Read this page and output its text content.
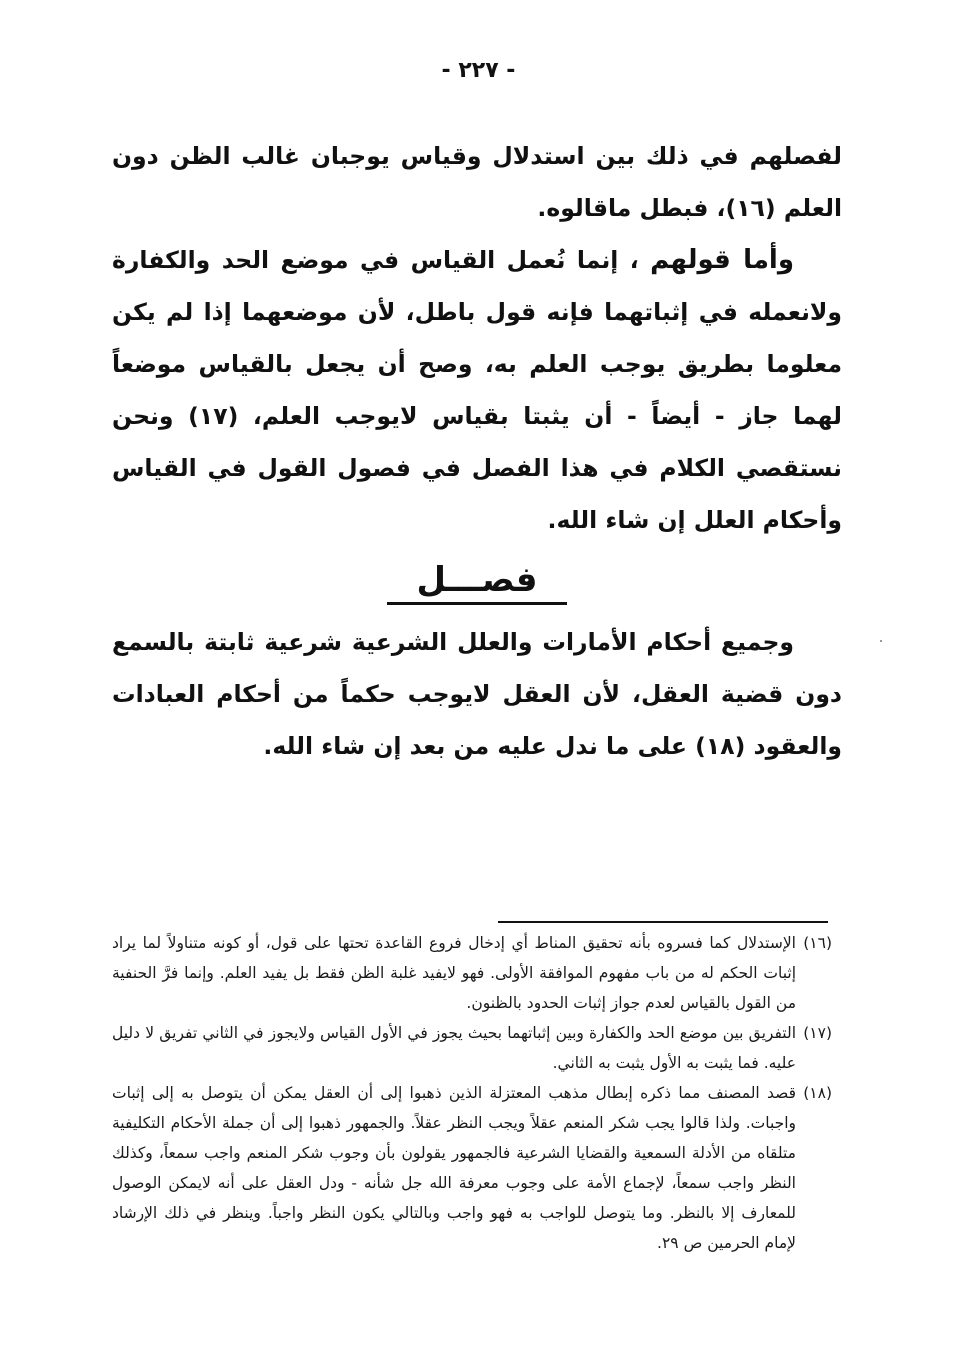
- ٢٢٧ -

لفصلهم في ذلك بين استدلال وقياس يوجبان غالب الظن دون العلم (١٦)، فبطل ماقالوه.

وأما قولهم ، إنما نُعمل القياس في موضع الحد والكفارة ولانعمله في إثباتهما فإنه قول باطل، لأن موضعهما إذا لم يكن معلوما بطريق يوجب العلم به، وصح أن يجعل بالقياس موضعاً لهما جاز - أيضاً - أن يثبتا بقياس لايوجب العلم، (١٧) ونحن نستقصي الكلام في هذا الفصل في فصول القول في القياس وأحكام العلل إن شاء الله.

فصـــل

وجميع أحكام الأمارات والعلل الشرعية شرعية ثابتة بالسمع دون قضية العقل، لأن العقل لايوجب حكماً من أحكام العبادات والعقود (١٨) على ما ندل عليه من بعد إن شاء الله.

(١٦)الإستدلال كما فسروه بأنه تحقيق المناط أي إدخال فروع القاعدة تحتها على قول، أو كونه متناولاً لما يراد إثبات الحكم له من باب مفهوم الموافقة الأولى. فهو لايفيد غلبة الظن فقط بل يفيد العلم. وإنما فرَّ الحنفية من القول بالقياس لعدم جواز إثبات الحدود بالظنون.

(١٧)التفريق بين موضع الحد والكفارة وبين إثباتهما بحيث يجوز في الأول القياس ولايجوز في الثاني تفريق لا دليل عليه. فما يثبت به الأول يثبت به الثاني.

(١٨)قصد المصنف مما ذكره إبطال مذهب المعتزلة الذين ذهبوا إلى أن العقل يمكن أن يتوصل به إلى إثبات واجبات. ولذا قالوا يجب شكر المنعم عقلاً ويجب النظر عقلاً. والجمهور ذهبوا إلى أن جملة الأحكام التكليفية متلقاه من الأدلة السمعية والقضايا الشرعية فالجمهور يقولون بأن وجوب شكر المنعم واجب سمعاً، وكذلك النظر واجب سمعاً، لإجماع الأمة على وجوب معرفة الله جل شأنه - ودل العقل على أنه لايمكن الوصول للمعارف إلا بالنظر. وما يتوصل للواجب به فهو واجب وبالتالي يكون النظر واجباً. وينظر في ذلك الإرشاد لإمام الحرمين ص ٢٩.
